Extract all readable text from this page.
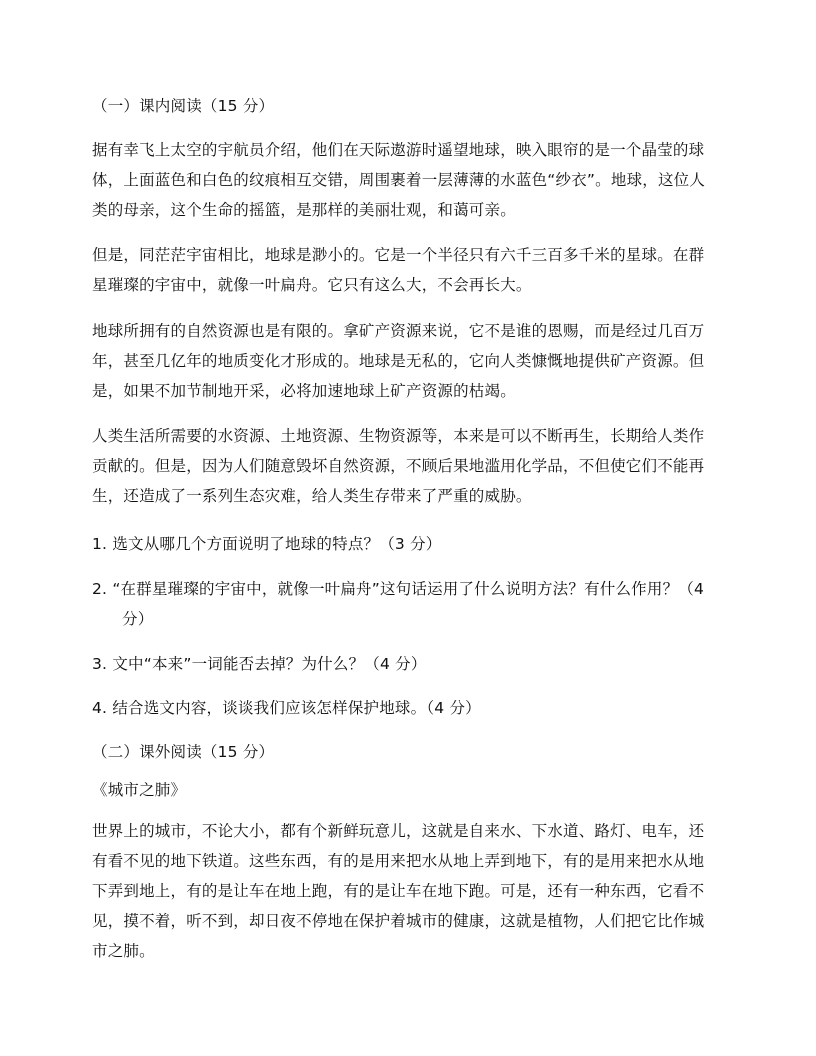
（一）课内阅读（15 分）
据有幸飞上太空的宇航员介绍，他们在天际遨游时遥望地球，映入眼帘的是一个晶莹的球
体，上面蓝色和白色的纹痕相互交错，周围裹着一层薄薄的水蓝色“纱衣”。地球，这位人
类的母亲，这个生命的摇篮，是那样的美丽壮观，和蔼可亲。
但是，同茫茫宇宙相比，地球是渺小的。它是一个半径只有六千三百多千米的星球。在群
星璀璨的宇宙中，就像一叶扁舟。它只有这么大，不会再长大。
地球所拥有的自然资源也是有限的。拿矿产资源来说，它不是谁的恩赐，而是经过几百万
年，甚至几亿年的地质变化才形成的。地球是无私的，它向人类慷慨地提供矿产资源。但
是，如果不加节制地开采，必将加速地球上矿产资源的枯竭。
人类生活所需要的水资源、土地资源、生物资源等，本来是可以不断再生，长期给人类作
贡献的。但是，因为人们随意毁坏自然资源，不顾后果地滥用化学品，不但使它们不能再
生，还造成了一系列生态灾难，给人类生存带来了严重的威胁。
1. 选文从哪几个方面说明了地球的特点？（3 分）
2. “在群星璀璨的宇宙中，就像一叶扁舟”这句话运用了什么说明方法？有什么作用？（4
分）
3. 文中“本来”一词能否去掉？为什么？（4 分）
4. 结合选文内容，谈谈我们应该怎样保护地球。（4 分）
（二）课外阅读（15 分）
《城市之肺》
世界上的城市，不论大小，都有个新鲜玩意儿，这就是自来水、下水道、路灯、电车，还
有看不见的地下铁道。这些东西，有的是用来把水从地上弄到地下，有的是用来把水从地
下弄到地上，有的是让车在地上跑，有的是让车在地下跑。可是，还有一种东西，它看不
见，摸不着，听不到，却日夜不停地在保护着城市的健康，这就是植物，人们把它比作城
市之肺。
